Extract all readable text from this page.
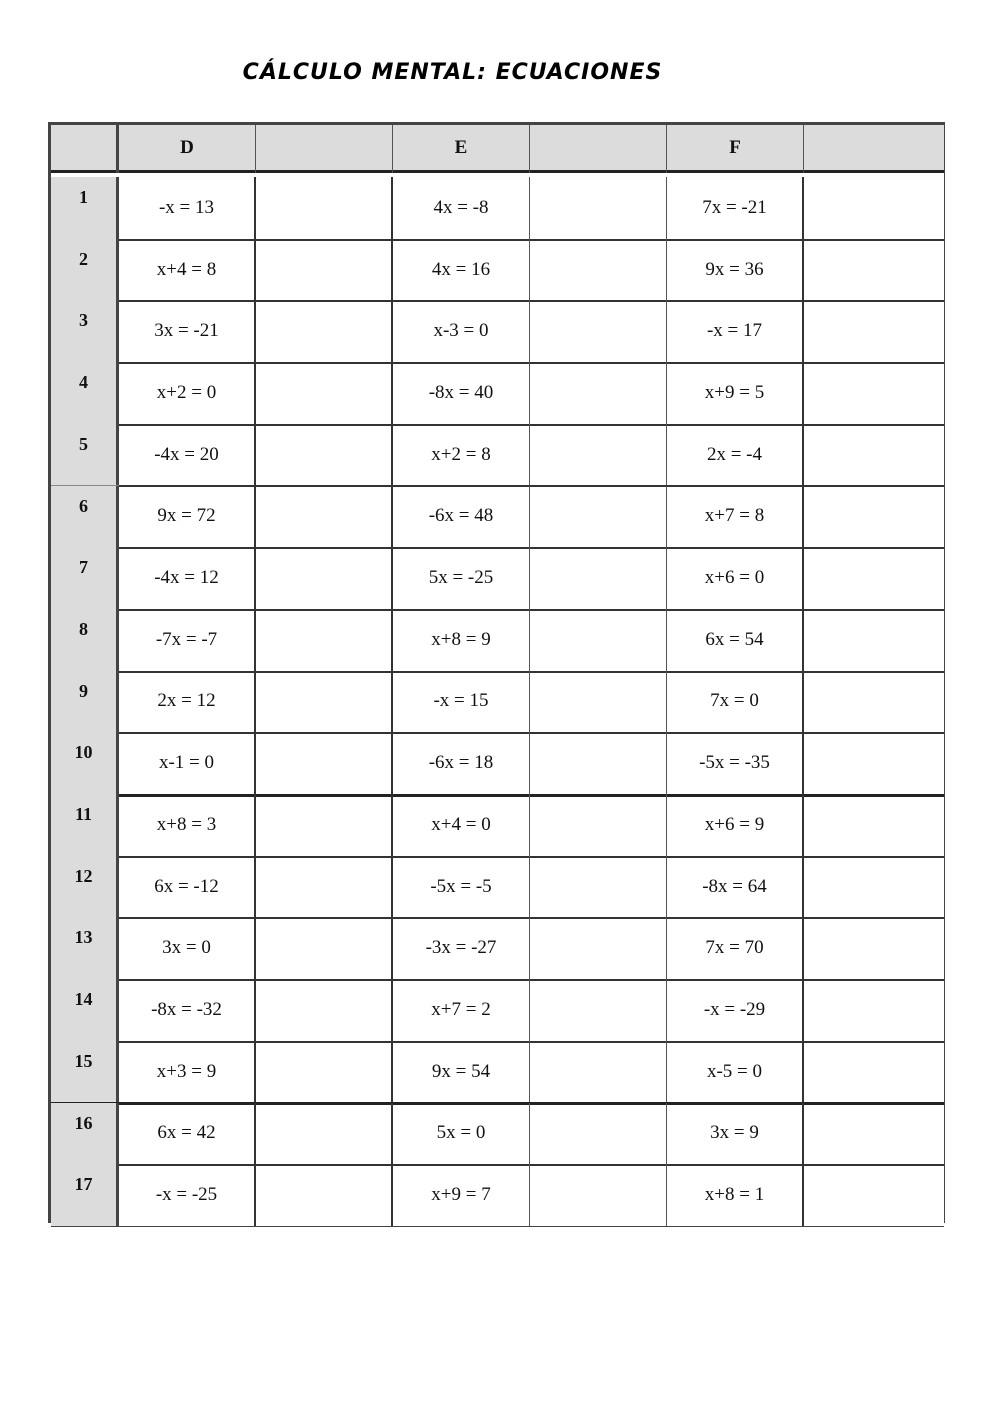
CÁLCULO MENTAL: ECUACIONES
D	E	F
1	-x = 13	4x = -8	7x = -21
2	x+4 = 8	4x = 16	9x = 36
3	3x = -21	x-3 = 0	-x = 17
4	x+2 = 0	-8x = 40	x+9 = 5
5	-4x = 20	x+2 = 8	2x = -4
6	9x = 72	-6x = 48	x+7 = 8
7	-4x = 12	5x = -25	x+6 = 0
8	-7x = -7	x+8 = 9	6x = 54
9	2x = 12	-x = 15	7x = 0
10	x-1 = 0	-6x = 18	-5x = -35
11	x+8 = 3	x+4 = 0	x+6 = 9
12	6x = -12	-5x = -5	-8x = 64
13	3x = 0	-3x = -27	7x = 70
14	-8x = -32	x+7 = 2	-x = -29
15	x+3 = 9	9x = 54	x-5 = 0
16	6x = 42	5x = 0	3x = 9
17	-x = -25	x+9 = 7	x+8 = 1
